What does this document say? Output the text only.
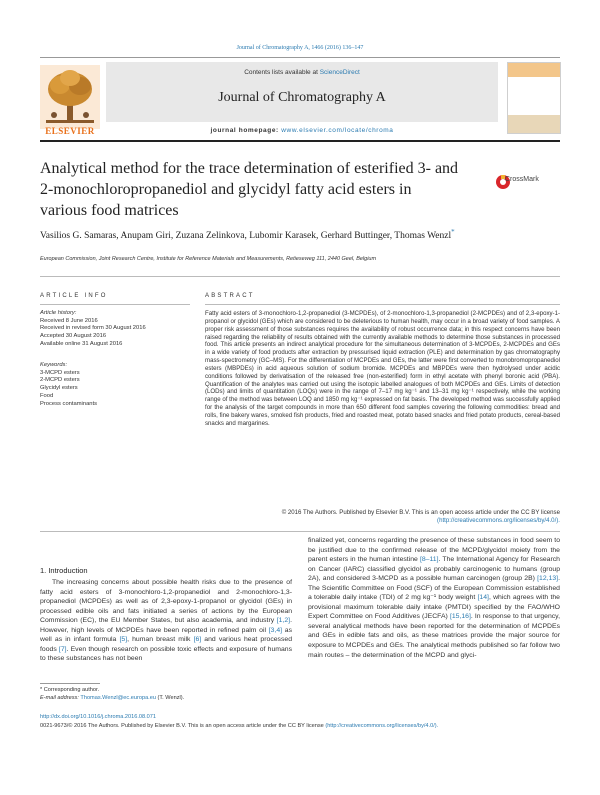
Journal of Chromatography A, 1466 (2016) 136–147
ELSEVIER
Contents lists available at ScienceDirect
Journal of Chromatography A
journal homepage: www.elsevier.com/locate/chroma
Analytical method for the trace determination of esterified 3- and 2-monochloropropanediol and glycidyl fatty acid esters in various food matrices
CrossMark
Vasilios G. Samaras, Anupam Giri, Zuzana Zelinkova, Lubomir Karasek, Gerhard Buttinger, Thomas Wenzl*
European Commission, Joint Research Centre, Institute for Reference Materials and Measurements, Retieseweg 111, 2440 Geel, Belgium
ARTICLE INFO	ABSTRACT
Article history:
Received 8 June 2016
Received in revised form 30 August 2016
Accepted 30 August 2016
Available online 31 August 2016
Keywords:
3-MCPD esters
2-MCPD esters
Glycidyl esters
Food
Process contaminants
Fatty acid esters of 3-monochloro-1,2-propanediol (3-MCPDEs), of 2-monochloro-1,3-propanediol (2-MCPDEs) and of 2,3-epoxy-1-propanol or glycidol (GEs) which are considered to be deleterious to human health, may occur in a broad variety of food samples. A proper risk assessment of those substances requires the availability of robust occurrence data; in this respect concerns have been raised regarding the reliability of results obtained with the currently available methods to determine those substances in processed food. This article presents an indirect analytical procedure for the simultaneous determination of 3-MCPDEs, 2-MCPDEs and GEs in a wide variety of food products after extraction by pressurised liquid extraction (PLE) and determination by gas chromatography mass-spectrometry (GC–MS). For the differentiation of MCPDEs and GEs, the latter were first converted to monobromopropanediol esters (MBPDEs) in acid aqueous solution of sodium bromide. MCPDEs and MBPDEs were then hydrolysed under acidic conditions followed by derivatisation of the released free (non-esterified) form in ethyl acetate with phenyl boronic acid (PBA). Quantification of the analytes was carried out using the isotopic labelled analogues of both MCPDEs and GEs. Limits of detection (LODs) and limits of quantitation (LOQs) were in the range of 7–17 mg kg⁻¹ and 13–31 mg kg⁻¹ respectively, while the working range of the method was between LOQ and 1850 mg kg⁻¹ expressed on fat basis. The developed method was successfully applied for the analysis of the target compounds in more than 650 different food samples covering the following commodities: bread and rolls, fine bakery wares, smoked fish products, fried and roasted meat, potato based snacks and fried potato products, cereal-based snacks and margarines.
© 2016 The Authors. Published by Elsevier B.V. This is an open access article under the CC BY license
(http://creativecommons.org/licenses/by/4.0/).
1. Introduction
The increasing concerns about possible health risks due to the presence of fatty acid esters of 3-monochloro-1,2-propanediol and 2-monochloro-1,3-propanediol (MCPDEs) as well as of 2,3-epoxy-1-propanol or glycidol (GEs) in processed edible oils and fats initiated a series of actions by the European Commission (EC), the EU Member States, but also academia, and industry [1,2]. However, high levels of MCPDEs have been reported in refined palm oil [3,4] as well as in infant formula [5], human breast milk [6] and various heat processed foods [7]. Even though research on possible toxic effects and exposure of humans to these substances has not been
finalized yet, concerns regarding the presence of these substances in food seem to be justified due to the confirmed release of the MCPD/glycidol moiety from the parent esters in the human intestine [8–11]. The International Agency for Research on Cancer (IARC) classified glycidol as probably carcinogenic to humans (group 2A), and considered 3-MCPD as a possible human carcinogen (group 2B) [12,13]. The Scientific Committee on Food (SCF) of the European Commission established a tolerable daily intake (TDI) of 2 mg kg⁻¹ body weight [14], which agrees with the provisional maximum tolerable daily intake (PMTDI) specified by the FAO/WHO Expert Committee on Food Additives (JECFA) [15,16]. In response to that urgency, several analytical methods have been reported for the determination of MCPDEs and GEs in edible fats and oils, as these matrices provide the major source for exposure to MCPDEs and GEs. The analytical methods published so far follow two main routes – the determination of the MCPD and glyci-
* Corresponding author.
E-mail address: Thomas.Wenzl@ec.europa.eu (T. Wenzl).
http://dx.doi.org/10.1016/j.chroma.2016.08.071
0021-9673/© 2016 The Authors. Published by Elsevier B.V. This is an open access article under the CC BY license (http://creativecommons.org/licenses/by/4.0/).
